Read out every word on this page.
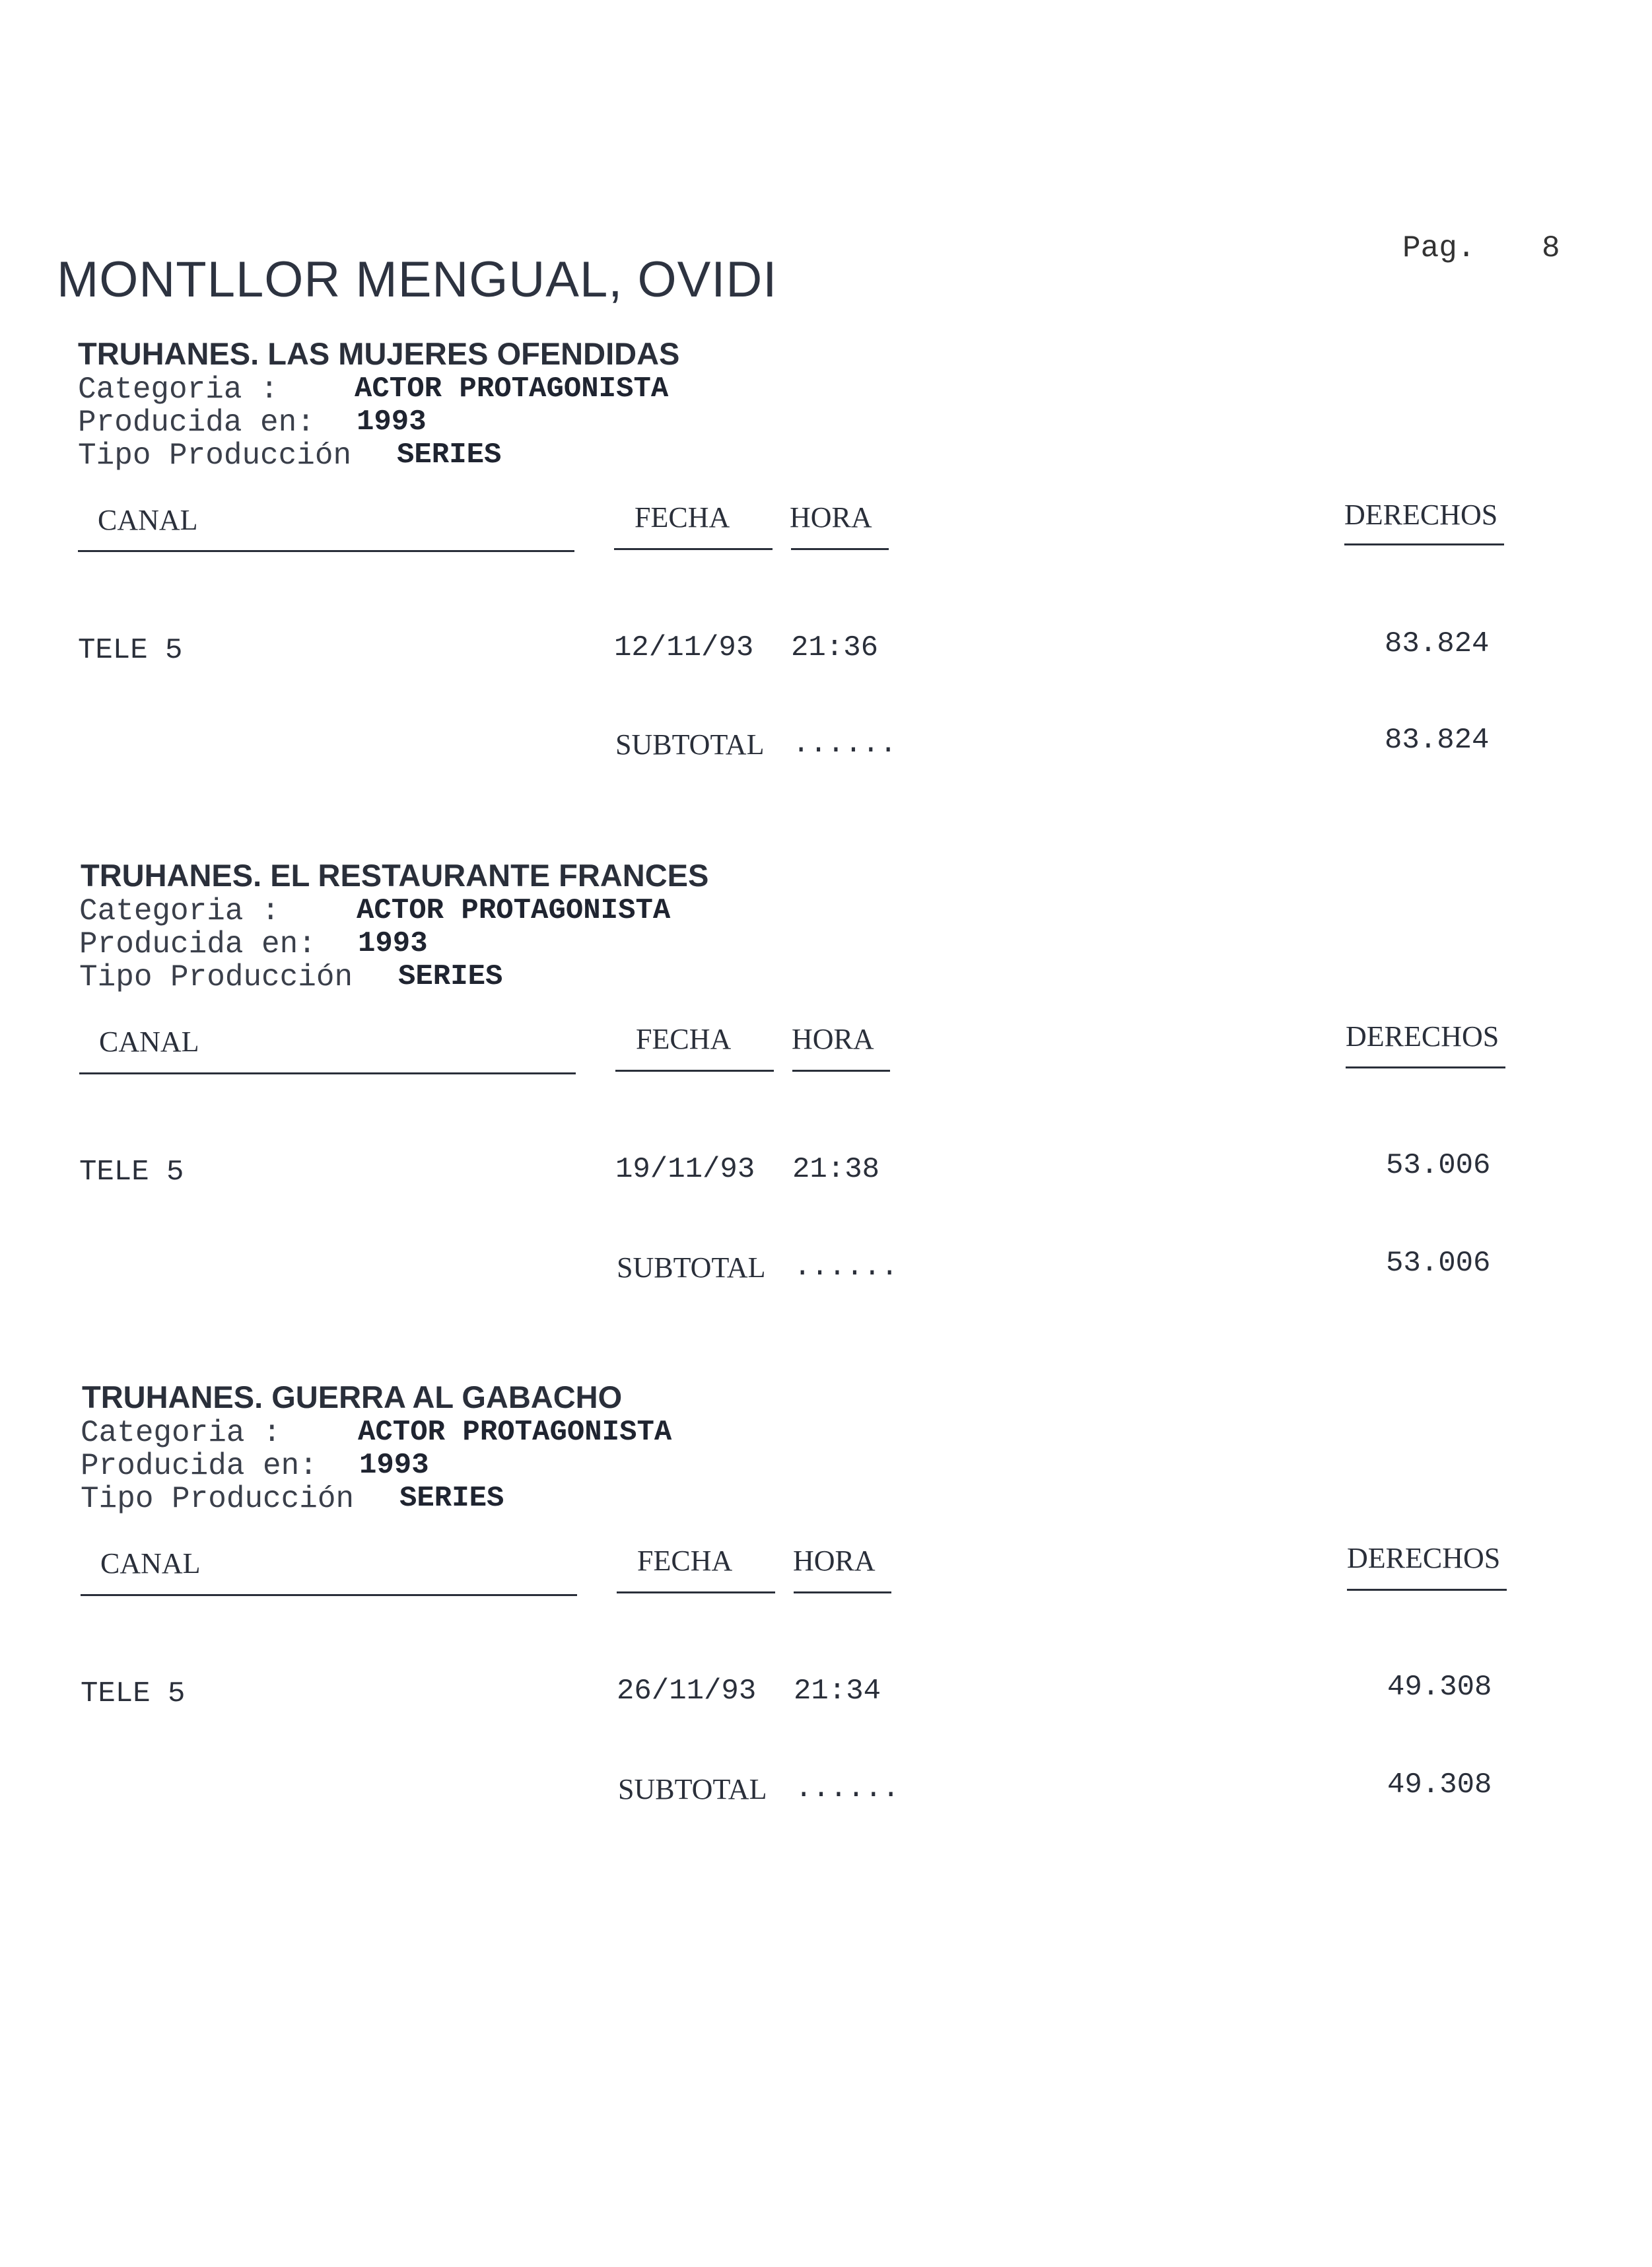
Pag. 8
MONTLLOR MENGUAL, OVIDI
TRUHANES. LAS MUJERES OFENDIDAS
Categoria :	ACTOR PROTAGONISTA
Producida en: 1993
Tipo Producción SERIES
CANAL	FECHA HORA	DERECHOS
TELE 5	12/11/93 21:36	83.824
SUBTOTAL ......	83.824
TRUHANES. EL RESTAURANTE FRANCES
Categoria :	ACTOR PROTAGONISTA
Producida en: 1993
Tipo Producción SERIES
CANAL	FECHA HORA	DERECHOS
TELE 5	19/11/93 21:38	53.006
SUBTOTAL ......	53.006
TRUHANES. GUERRA AL GABACHO
Categoria :	ACTOR PROTAGONISTA
Producida en: 1993
Tipo Producción SERIES
CANAL	FECHA HORA	DERECHOS
TELE 5	26/11/93 21:34	49.308
SUBTOTAL ......	49.308
